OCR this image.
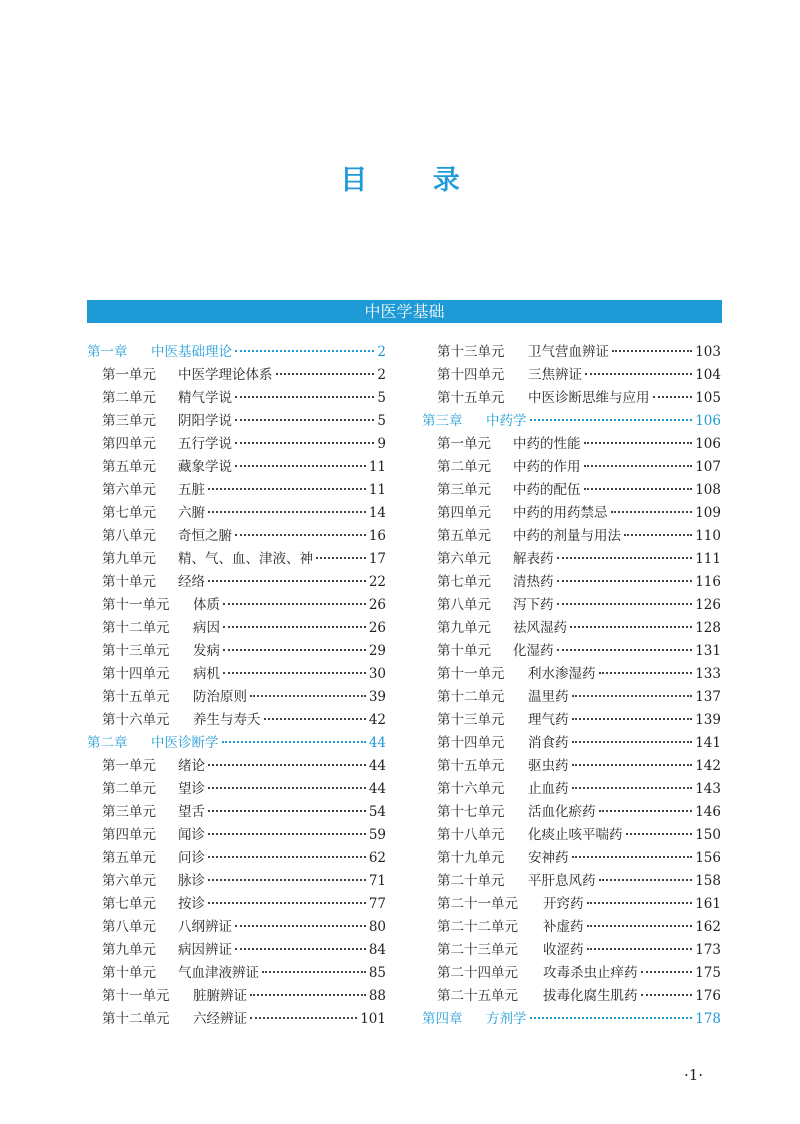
目 录
中医学基础
第一章	中医基础理论	2
第一单元	中医学理论体系	2
第二单元	精气学说	5
第三单元	阴阳学说	5
第四单元	五行学说	9
第五单元	藏象学说	11
第六单元	五脏	11
第七单元	六腑	14
第八单元	奇恒之腑	16
第九单元	精、气、血、津液、神	17
第十单元	经络	22
第十一单元	体质	26
第十二单元	病因	26
第十三单元	发病	29
第十四单元	病机	30
第十五单元	防治原则	39
第十六单元	养生与寿夭	42
第二章	中医诊断学	44
第一单元	绪论	44
第二单元	望诊	44
第三单元	望舌	54
第四单元	闻诊	59
第五单元	问诊	62
第六单元	脉诊	71
第七单元	按诊	77
第八单元	八纲辨证	80
第九单元	病因辨证	84
第十单元	气血津液辨证	85
第十一单元	脏腑辨证	88
第十二单元	六经辨证	101
第十三单元	卫气营血辨证	103
第十四单元	三焦辨证	104
第十五单元	中医诊断思维与应用	105
第三章	中药学	106
第一单元	中药的性能	106
第二单元	中药的作用	107
第三单元	中药的配伍	108
第四单元	中药的用药禁忌	109
第五单元	中药的剂量与用法	110
第六单元	解表药	111
第七单元	清热药	116
第八单元	泻下药	126
第九单元	祛风湿药	128
第十单元	化湿药	131
第十一单元	利水渗湿药	133
第十二单元	温里药	137
第十三单元	理气药	139
第十四单元	消食药	141
第十五单元	驱虫药	142
第十六单元	止血药	143
第十七单元	活血化瘀药	146
第十八单元	化痰止咳平喘药	150
第十九单元	安神药	156
第二十单元	平肝息风药	158
第二十一单元	开窍药	161
第二十二单元	补虚药	162
第二十三单元	收涩药	173
第二十四单元	攻毒杀虫止痒药	175
第二十五单元	拔毒化腐生肌药	176
第四章	方剂学	178
·1·
